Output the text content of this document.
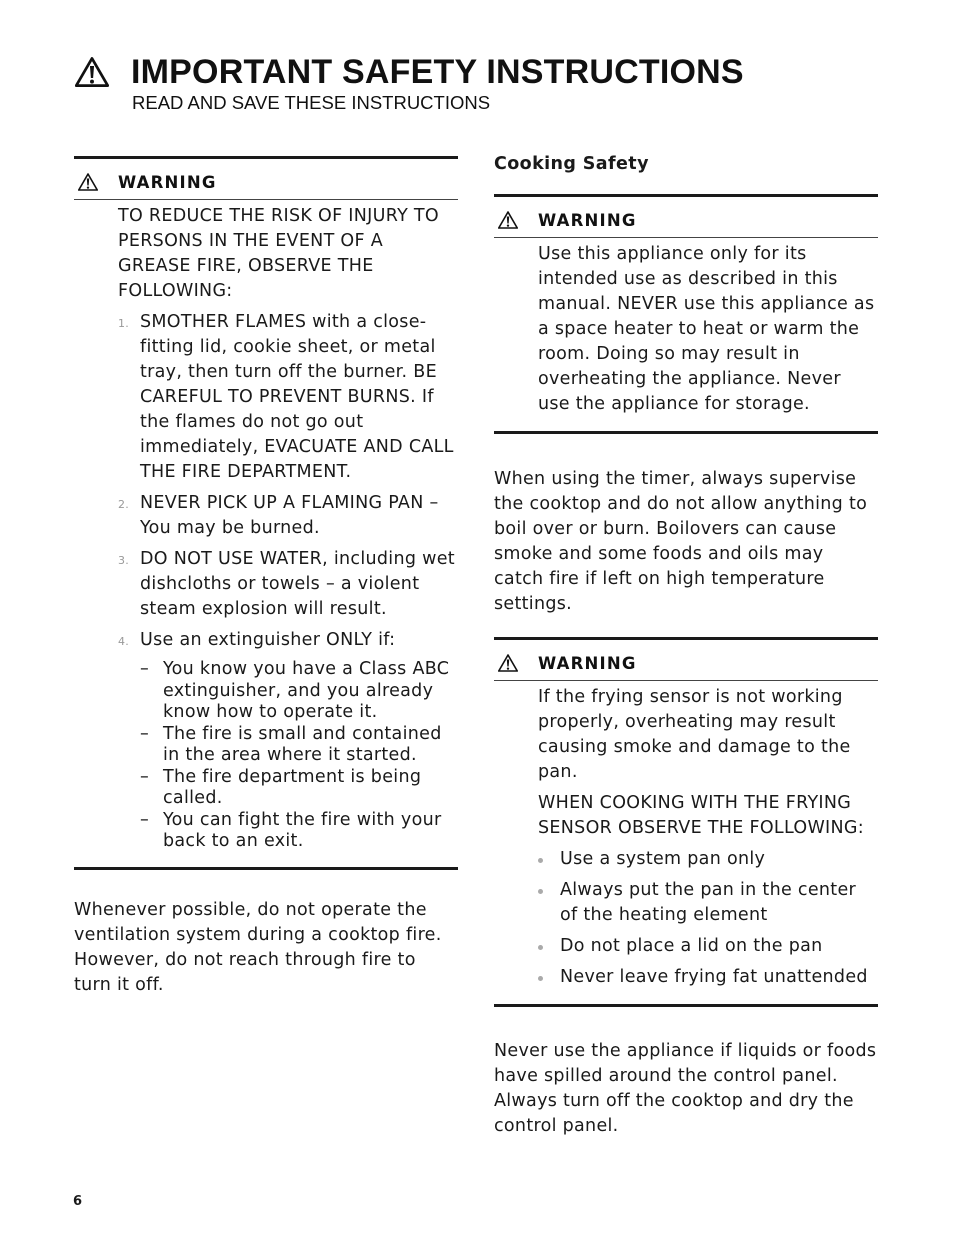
IMPORTANT SAFETY INSTRUCTIONS
READ AND SAVE THESE INSTRUCTIONS
WARNING

TO REDUCE THE RISK OF INJURY TO PERSONS IN THE EVENT OF A GREASE FIRE, OBSERVE THE FOLLOWING:

1. SMOTHER FLAMES with a close-fitting lid, cookie sheet, or metal tray, then turn off the burner. BE CAREFUL TO PREVENT BURNS. If the flames do not go out immediately, EVACUATE AND CALL THE FIRE DEPARTMENT.
2. NEVER PICK UP A FLAMING PAN – You may be burned.
3. DO NOT USE WATER, including wet dishcloths or towels – a violent steam explosion will result.
4. Use an extinguisher ONLY if:
– You know you have a Class ABC extinguisher, and you already know how to operate it.
– The fire is small and contained in the area where it started.
– The fire department is being called.
– You can fight the fire with your back to an exit.

Whenever possible, do not operate the ventilation system during a cooktop fire. However, do not reach through fire to turn it off.

Cooking Safety
WARNING

Use this appliance only for its intended use as described in this manual. NEVER use this appliance as a space heater to heat or warm the room. Doing so may result in overheating the appliance. Never use the appliance for storage.

When using the timer, always supervise the cooktop and do not allow anything to boil over or burn. Boilovers can cause smoke and some foods and oils may catch fire if left on high temperature settings.

WARNING

If the frying sensor is not working properly, overheating may result causing smoke and damage to the pan.

WHEN COOKING WITH THE FRYING SENSOR OBSERVE THE FOLLOWING:

Use a system pan only
Always put the pan in the center of the heating element
Do not place a lid on the pan
Never leave frying fat unattended

Never use the appliance if liquids or foods have spilled around the control panel. Always turn off the cooktop and dry the control panel.

6
